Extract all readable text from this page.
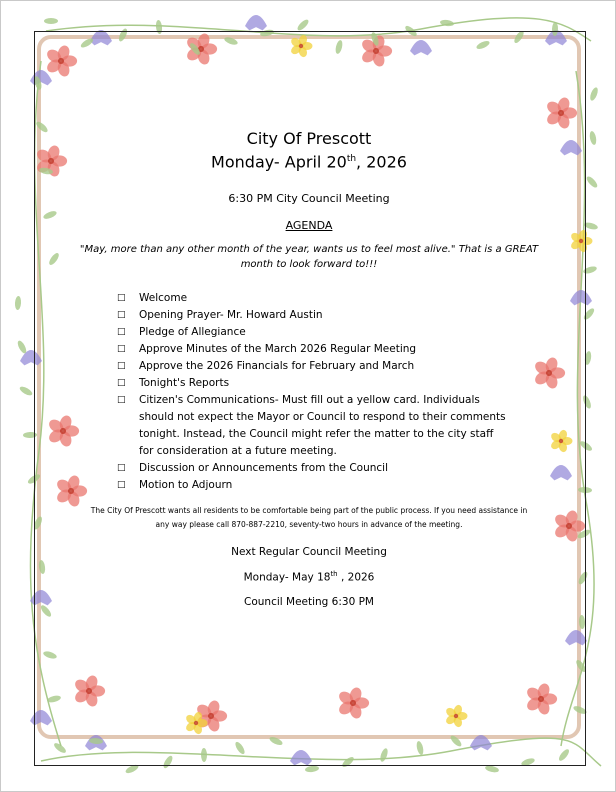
City Of Prescott
Monday- April 20th, 2026
6:30 PM City Council Meeting
AGENDA
"May, more than any other month of the year, wants us to feel most alive." That is a GREAT month to look forward to!!!
□	Welcome
□	Opening Prayer- Mr. Howard Austin
□	Pledge of Allegiance
□	Approve Minutes of the March 2026 Regular Meeting
□	Approve the 2026 Financials for February and March
□	Tonight's Reports
□	Citizen's Communications- Must fill out a yellow card. Individuals should not expect the Mayor or Council to respond to their comments tonight. Instead, the Council might refer the matter to the city staff for consideration at a future meeting.
□	Discussion or Announcements from the Council
□	Motion to Adjourn
The City Of Prescott wants all residents to be comfortable being part of the public process. If you need assistance in any way please call 870-887-2210, seventy-two hours in advance of the meeting.
Next Regular Council Meeting
Monday- May 18th , 2026
Council Meeting 6:30 PM
